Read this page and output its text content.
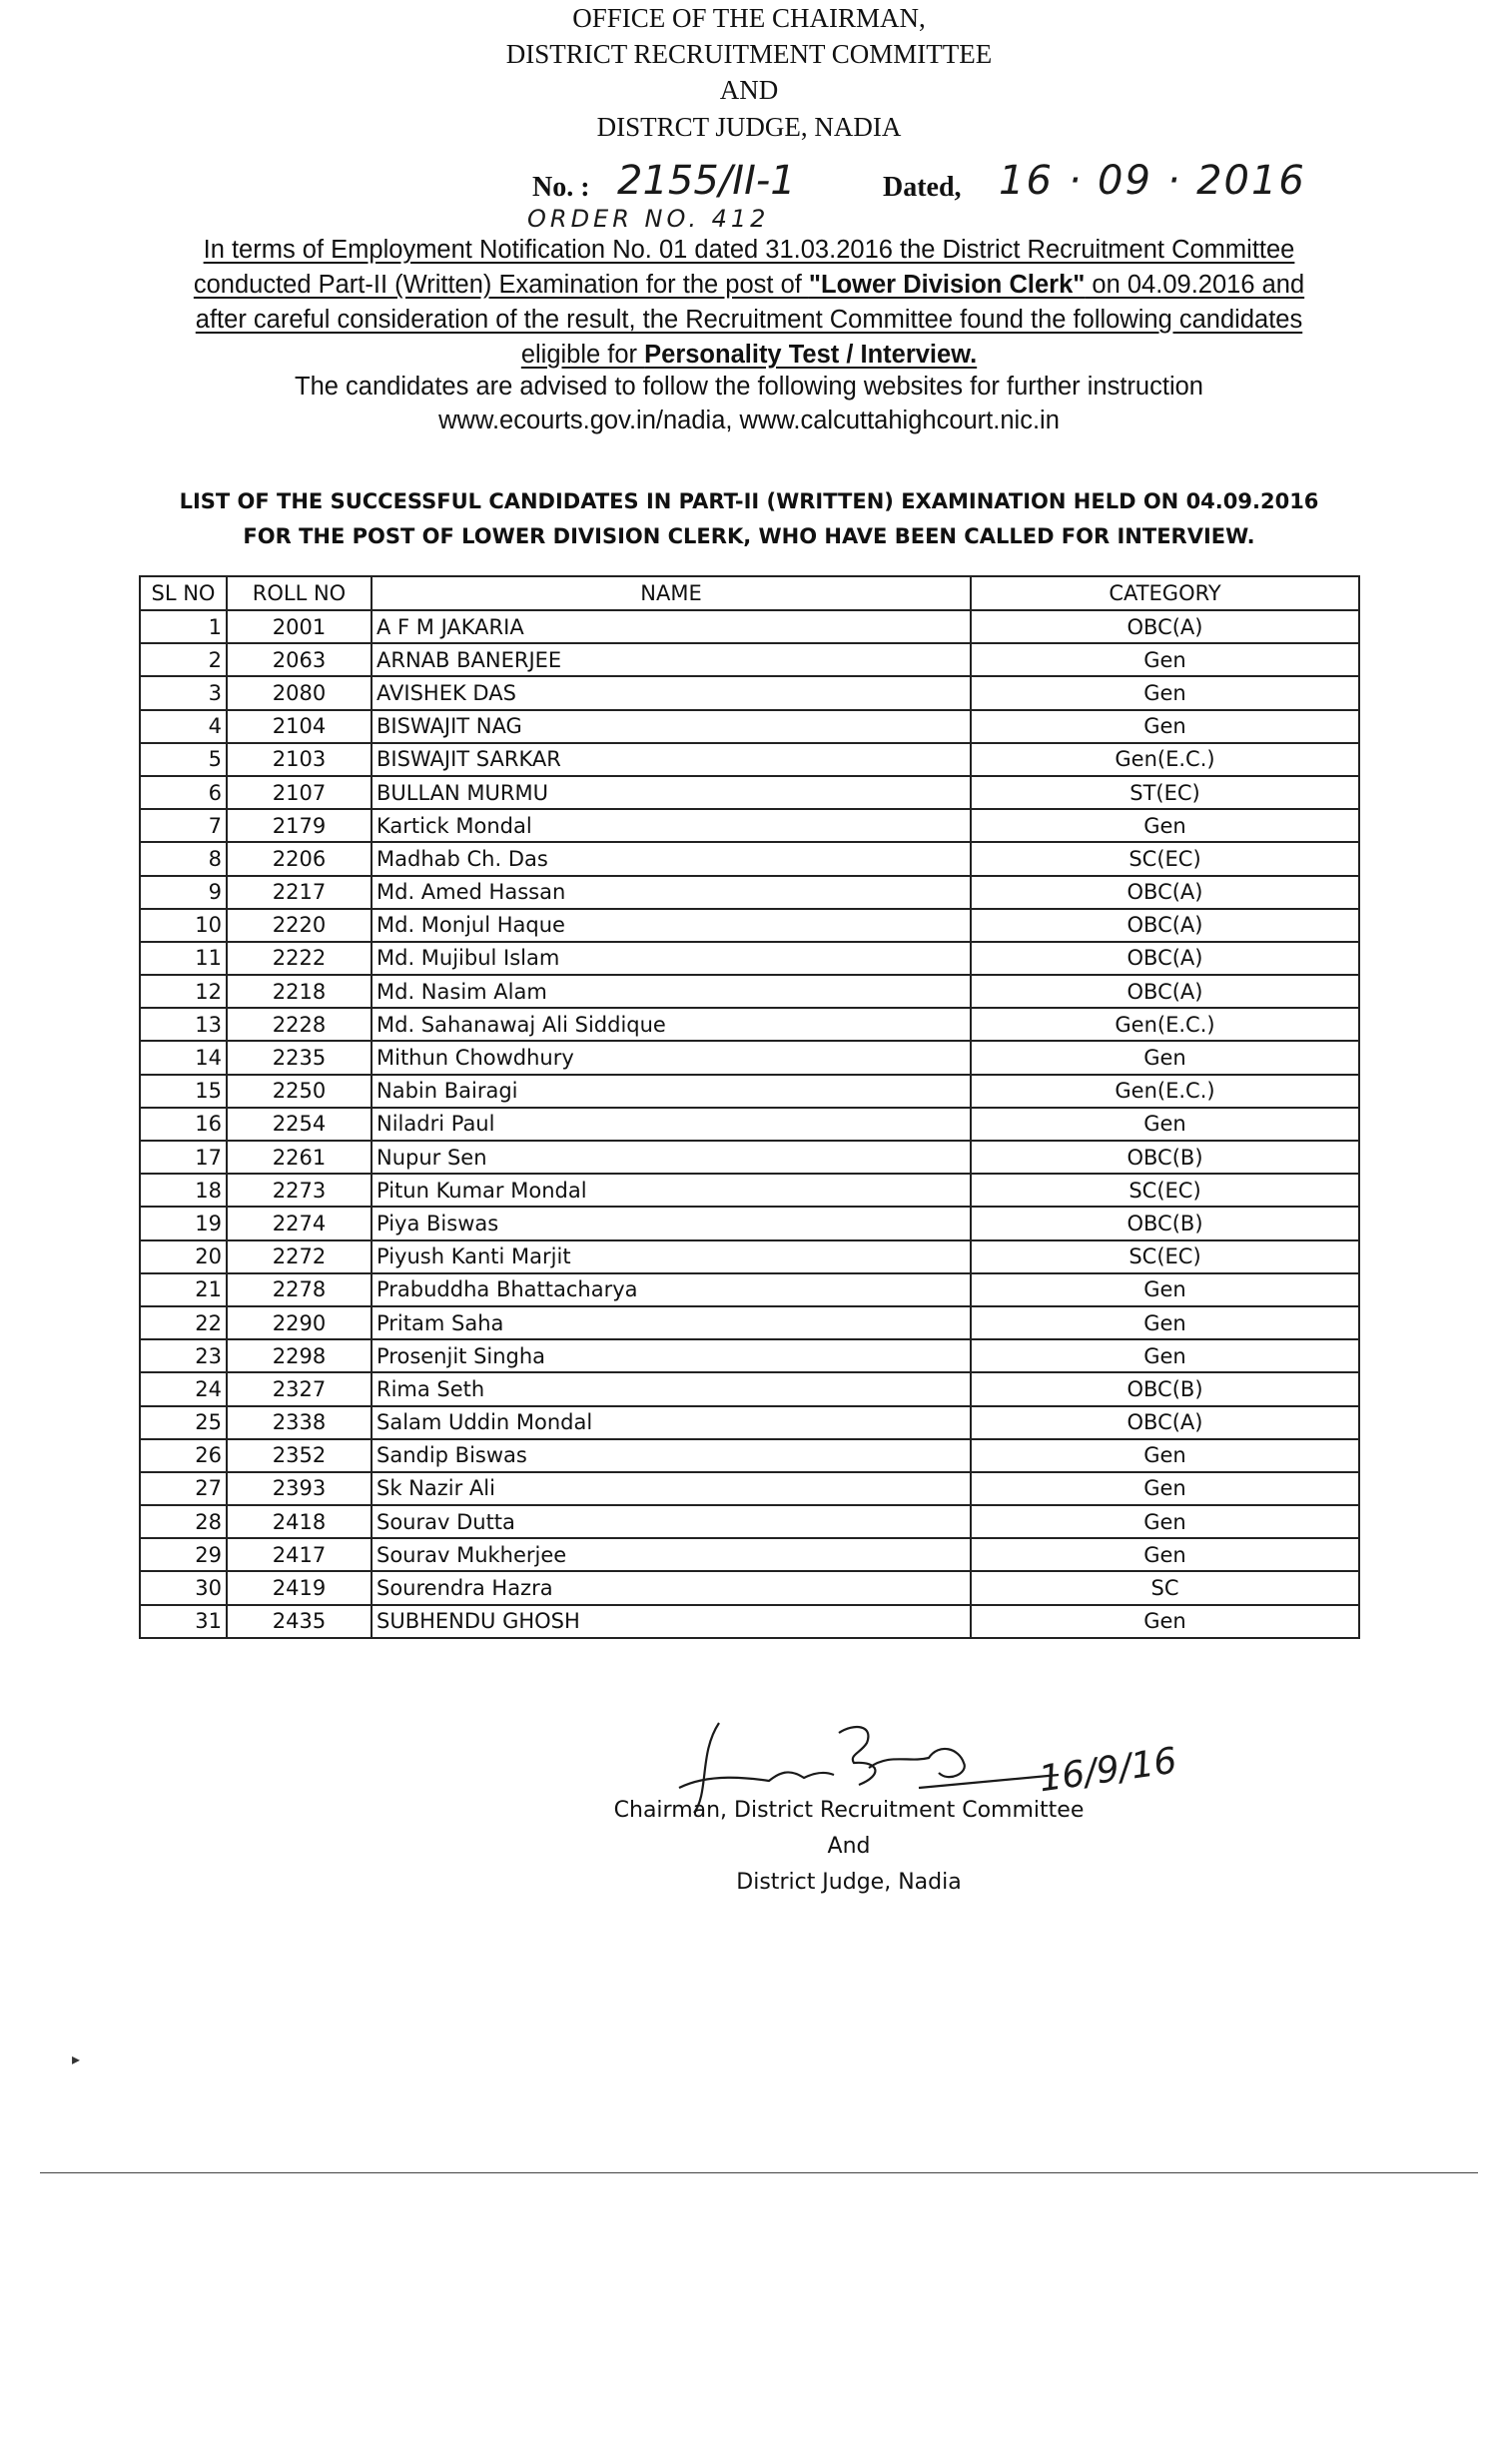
OFFICE OF THE CHAIRMAN,
DISTRICT RECRUITMENT COMMITTEE
AND
DISTRCT JUDGE, NADIA
No. : 2155/II-1	Dated, 16 · 09 · 2016
ORDER NO. 412
In terms of Employment Notification No. 01 dated 31.03.2016 the District Recruitment Committee
conducted Part-II (Written) Examination for the post of "Lower Division Clerk" on 04.09.2016 and
after careful consideration of the result, the Recruitment Committee found the following candidates
eligible for Personality Test / Interview.
The candidates are advised to follow the following websites for further instruction
www.ecourts.gov.in/nadia, www.calcuttahighcourt.nic.in
LIST OF THE SUCCESSFUL CANDIDATES IN PART-II (WRITTEN) EXAMINATION HELD ON 04.09.2016
FOR THE POST OF LOWER DIVISION CLERK, WHO HAVE BEEN CALLED FOR INTERVIEW.
SL NO	ROLL NO	NAME	CATEGORY
1	2001	A F M JAKARIA	OBC(A)
2	2063	ARNAB BANERJEE	Gen
3	2080	AVISHEK DAS	Gen
4	2104	BISWAJIT NAG	Gen
5	2103	BISWAJIT SARKAR	Gen(E.C.)
6	2107	BULLAN MURMU	ST(EC)
7	2179	Kartick Mondal	Gen
8	2206	Madhab Ch. Das	SC(EC)
9	2217	Md. Amed Hassan	OBC(A)
10	2220	Md. Monjul Haque	OBC(A)
11	2222	Md. Mujibul Islam	OBC(A)
12	2218	Md. Nasim Alam	OBC(A)
13	2228	Md. Sahanawaj Ali Siddique	Gen(E.C.)
14	2235	Mithun Chowdhury	Gen
15	2250	Nabin Bairagi	Gen(E.C.)
16	2254	Niladri Paul	Gen
17	2261	Nupur Sen	OBC(B)
18	2273	Pitun Kumar Mondal	SC(EC)
19	2274	Piya Biswas	OBC(B)
20	2272	Piyush Kanti Marjit	SC(EC)
21	2278	Prabuddha Bhattacharya	Gen
22	2290	Pritam Saha	Gen
23	2298	Prosenjit Singha	Gen
24	2327	Rima Seth	OBC(B)
25	2338	Salam Uddin Mondal	OBC(A)
26	2352	Sandip Biswas	Gen
27	2393	Sk Nazir Ali	Gen
28	2418	Sourav Dutta	Gen
29	2417	Sourav Mukherjee	Gen
30	2419	Sourendra Hazra	SC
31	2435	SUBHENDU GHOSH	Gen
16/9/16
Chairman, District Recruitment Committee
And
District Judge, Nadia
▸
